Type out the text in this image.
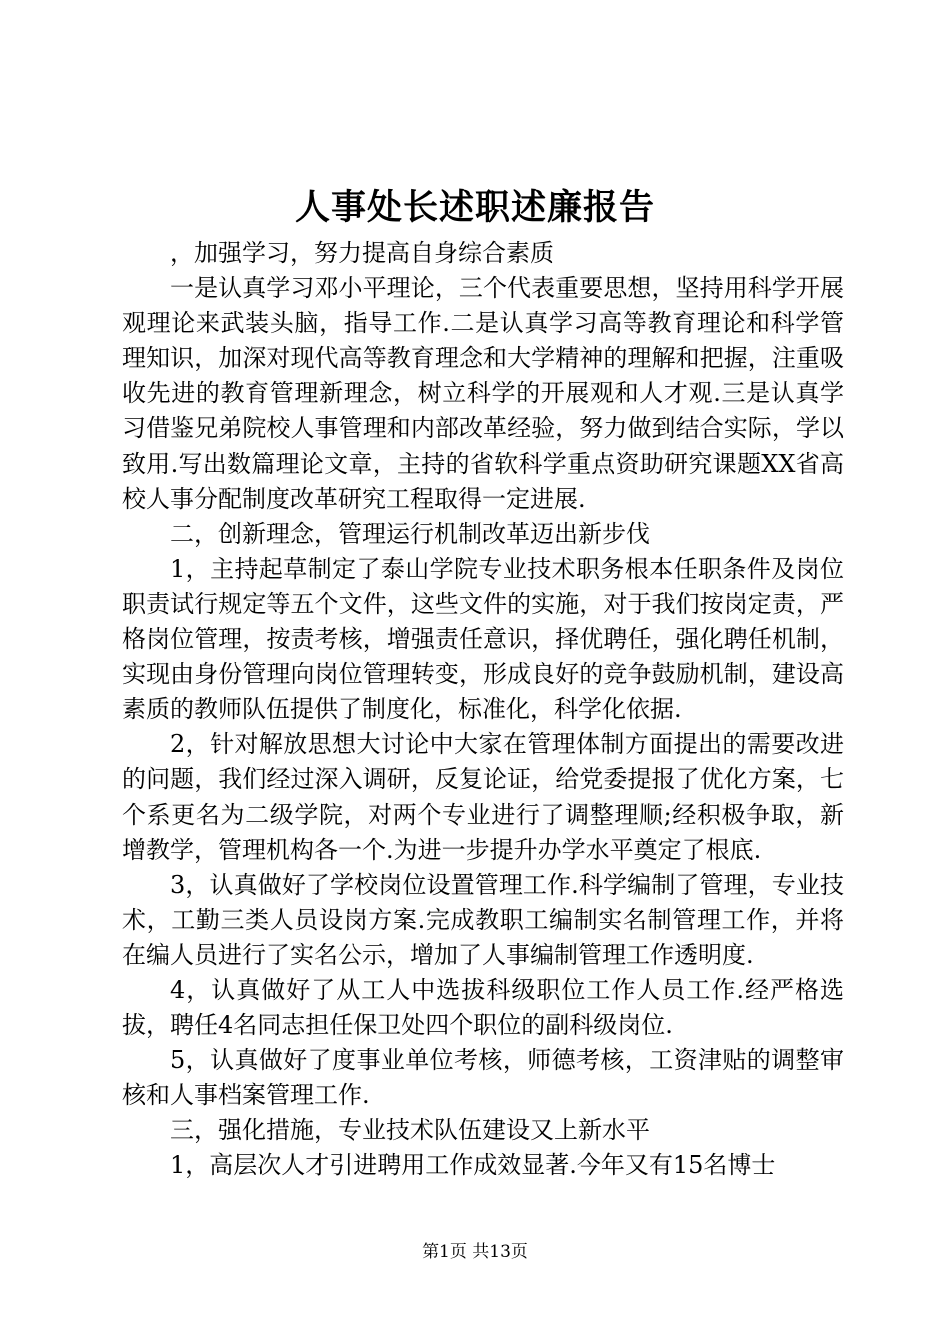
人事处长述职述廉报告

，加强学习，努力提高自身综合素质

一是认真学习邓小平理论，三个代表重要思想，坚持用科学开展观理论来武装头脑，指导工作.二是认真学习高等教育理论和科学管理知识，加深对现代高等教育理念和大学精神的理解和把握，注重吸收先进的教育管理新理念，树立科学的开展观和人才观.三是认真学习借鉴兄弟院校人事管理和内部改革经验，努力做到结合实际，学以致用.写出数篇理论文章，主持的省软科学重点资助研究课题XX省高校人事分配制度改革研究工程取得一定进展.

二，创新理念，管理运行机制改革迈出新步伐

1，主持起草制定了泰山学院专业技术职务根本任职条件及岗位职责试行规定等五个文件，这些文件的实施，对于我们按岗定责，严格岗位管理，按责考核，增强责任意识，择优聘任，强化聘任机制，实现由身份管理向岗位管理转变，形成良好的竞争鼓励机制，建设高素质的教师队伍提供了制度化，标准化，科学化依据.

2，针对解放思想大讨论中大家在管理体制方面提出的需要改进的问题，我们经过深入调研，反复论证，给党委提报了优化方案，七个系更名为二级学院，对两个专业进行了调整理顺;经积极争取，新增教学，管理机构各一个.为进一步提升办学水平奠定了根底.

3，认真做好了学校岗位设置管理工作.科学编制了管理，专业技术，工勤三类人员设岗方案.完成教职工编制实名制管理工作，并将在编人员进行了实名公示，增加了人事编制管理工作透明度.

4，认真做好了从工人中选拔科级职位工作人员工作.经严格选拔，聘任4名同志担任保卫处四个职位的副科级岗位.

5，认真做好了度事业单位考核，师德考核，工资津贴的调整审核和人事档案管理工作.

三，强化措施，专业技术队伍建设又上新水平

1，高层次人才引进聘用工作成效显著.今年又有15名博士

第1页 共13页
